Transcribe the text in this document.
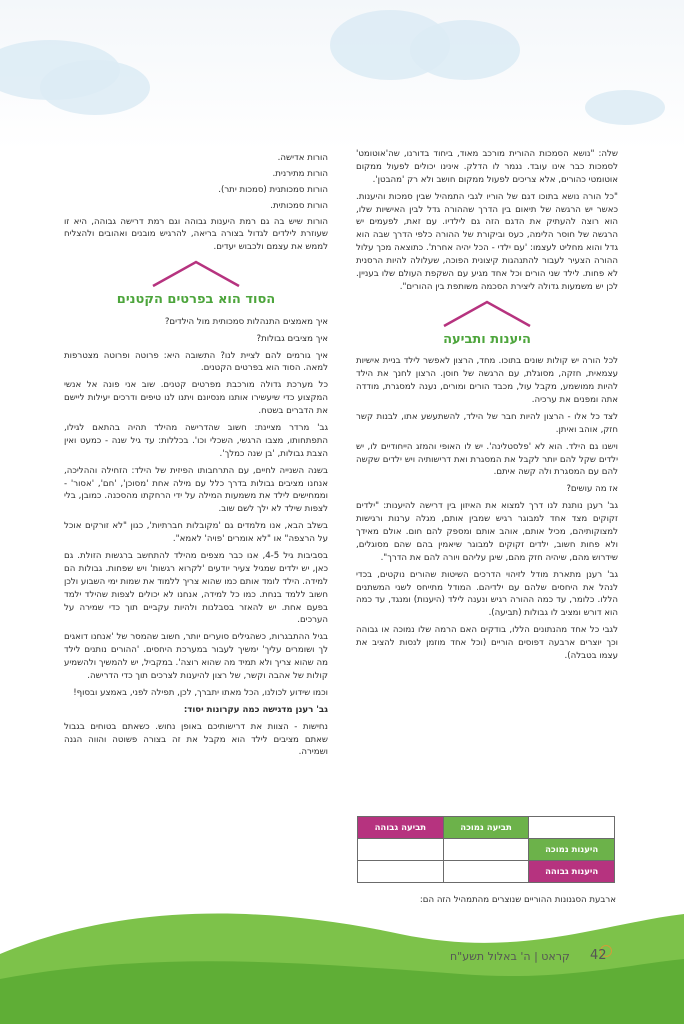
שלה: "נושא הסמכות ההורית מורכב מאוד, ביחוד בדורנו, שה'אוטומט' לסמכות כבר אינו עובד. נגמר לו הדלק. אינינו יכולים לפעול ממקום אוטומטי כהורים, אלא צריכים לפעול ממקום חושב ולא רק 'מהבטן'.

"כל הורה נושא בתוכו דגם של הוריו לגבי התמהיל שבין סמכות והיענות. כאשר יש הרגשה של תיאום בין הדרך שההורה גדל לבין האישיות שלו, הוא רוצה להעתיק את הדגם הזה גם לילדיו. עם זאת, לפעמים יש הרגשה של חוסר הלימה, כעס וביקורת של ההורה כלפי הדרך שבה הוא גדל והוא מחליט לעצמו: 'עם ילדי - הכל יהיה אחרת'. כתוצאה מכך עלול ההורה הצעיר לעבור להתנהגות קיצונית הפוכה, שעלולה להיות הרסנית לא פחות. לילד שני הורים וכל אחד מגיע עם השקפת העולם שלו בעניין. לכן יש משמעות גדולה ליצירת הסכמה משותפת בין ההורים".

היענות ותביעה

לכל הורה יש קולות שונים בתוכו. מחד, הרצון לאפשר לילד בניית אישיות עצמאית, חזקה, מסוגלת, עם הרגשה של חוסן. הרצון לחנך את הילד להיות ממושמע, מקבל עול, מכבד הורים ומורים, נענה למסגרת, מודדה אתה ומפנים את ערכיה.

לצד כל אלו - הרצון להיות חבר של הילד, להשתעשע אתו, לבנות קשר חזק, אוהב ואיתן.

וישנו גם הילד. הוא לא 'פלסטלינה'. יש לו האופי והמזג הייחודיים לו, יש ילדים שקל להם יותר לקבל את המסגרת ואת דרישותיה ויש ילדים שקשה להם עם המסגרת ולה קשה איתם.

אז מה עושים?

גב' רענן נותנת לנו דרך למצוא את האיזון בין דרישה להיענות: "ילדים זקוקים מצד אחד למבוגר רגיש שמבין אותם, מגלה ערנות ורגישות למצוקותיהם, מכיל אותם, אוהב אותם ומספק להם חום. אולם מאידך ולא פחות חשוב, ילדים זקוקים למבוגר שיאמין בהם שהם מסוגלים, שידרוש מהם, שיהיה חזק מהם, שיגן עליהם ויורה להם את הדרך".

גב' רענן מתארת מודל לזיהוי הדרכים השיטות שהורים נוקטים, בכדי לנהל את היחסים שלהם עם ילדיהם. המודל מתייחס לשני המשתנים הללו. כלומר, עד כמה ההורה רגיש ונענה לילד (היענות) ומנגד, עד כמה הוא דורש ומציב לו גבולות (תביעה).

לגבי כל אחד מהנתונים הללו, בודקים האם הרמה שלו נמוכה או גבוהה וכך יוצרים ארבעה דפוסים הוריים (וכל אחד מוזמן לנסות להציב את עצמו בטבלה).

	תביעה נמוכה	תביעה גבוהה
היענות נמוכה		
היענות גבוהה		
ארבעת הסגנונות ההוריים שנוצרים מהתמהיל הזה הם:

הורות אדישה.

הורות מתירנית.

הורות סמכותנית (סמכות יתר).

הורות סמכותית.

הורות שיש בה גם רמת היענות גבוהה וגם רמת דרישה גבוהה, היא זו שעוזרת לילדים לגדול בצורה בריאה, להרגיש מובנים ואהובים ולהצליח לממש את עצמם ולכבוש יעדים.

הסוד הוא בפרטים הקטנים

איך מאמצים התנהלות סמכותית מול הילדים?

איך מציבים גבולות?

איך גורמים להם לציית לנו? התשובה היא: פרוטה ופרוטה מצטרפות למאה. הסוד הוא בפרטים הקטנים.

כל מערכת גדולה מורכבת מפרטים קטנים. שוב אני פונה אל אנשי המקצוע כדי שיעשירו אותנו מנסיונם ויתנו לנו טיפים ודרכים יעילות ליישם את הדברים בשטח.

גב' מרדר מציינת: חשוב שהדרישה מהילד תהיה בהתאם לגילו, התפתחותו, מצבו הרגשי, השכלי וכו'. בכללות: עד גיל שנה - כמעט ואין הצבת גבולות, 'בן שנה כמלך'.

בשנה השנייה לחיים, עם התרחבותו הפיזית של הילד: הזחילה וההליכה, אנחנו מציבים גבולות בדרך כלל עם מילה אחת 'מסוכן', 'חם', 'אסור' - וממחישים לילד את משמעות המילה על ידי הרחקתו מהסכנה. כמובן, בלי לצפות שילד לא ילך לשם שוב.

בשלב הבא, אנו מלמדים גם 'מקובלות חברתיות', כגון "לא זורקים אוכל על הרצפה" או "לא אומרים 'פויה' לאמא".

בסביבות גיל 4-5, אנו כבר מצפים מהילד להתחשב ברגשות הזולת. גם כאן, יש ילדים שמגיל צעיר יודעים 'לקרוא רגשות' ויש שפחות. גבולות הם למידה. הילד לומד אותם כמו שהוא צריך ללמוד את שמות ימי השבוע ולכן חשוב ללמד בנחת. כמו כל למידה, אנחנו לא יכולים לצפות שהילד ילמד בפעם אחת. יש להאזר בסבלנות ולהיות עקביים תוך כדי שמירה על הערכים.

בגיל ההתבגרות, כשהגילים סוערים יותר, חשוב שהמסר של 'אנחנו דואגים לך ושומרים עליך' ימשיך לעבור במערכת היחסים. 'ההורים נותנים לילד מה שהוא צריך ולא תמיד מה שהוא רוצה'. במקביל, יש להמשיך ולהשמיע קולות של אהבה וקשר, של רצון להיענות לצרכים תוך כדי הדרישה.

וכמו שידוע לכולנו, הכל מאתו יתברך, לכן, תפילה לפני, באמצע ובסוף!

גב' רענן מדגישה כמה עקרונות יסוד:

נחישות - הצוות את דרישותיכם באופן נחוש. כשאתם בטוחים בגבול שאתם מציבים לילד הוא מקבל את זה בצורה פשוטה והווה הגנה ושמירה.

42
קראט | ה' באלול תשע"ח
